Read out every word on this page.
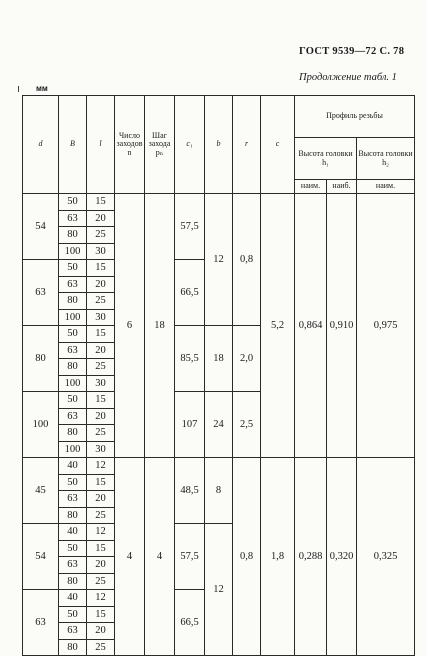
ГОСТ 9539—72 С. 78
Продолжение табл. 1
мм
d	B	l	Число заходов n	Шаг захода pₙ	c₁	b	r	c	Профиль резьбы		
									Высота головки h₁		Высота головки h₂
									наим.	наиб.	наим.
54	50	15	6	18	57,5	12	0,8	5,2	0,864	0,910	0,975
	63	20									
	80	25									
	100	30									
63	50	15			66,5						
	63	20									
	80	25									
	100	30									
80	50	15			85,5	18	2,0				
	63	20									
	80	25									
	100	30									
100	50	15			107	24	2,5				
	63	20									
	80	25									
	100	30									
45	40	12	4	4	48,5	8	0,8	1,8	0,288	0,320	0,325
	50	15									
	63	20									
	80	25									
54	40	12			57,5	12					
	50	15									
	63	20									
	80	25									
63	40	12			66,5						
	50	15									
	63	20									
	80	25									
